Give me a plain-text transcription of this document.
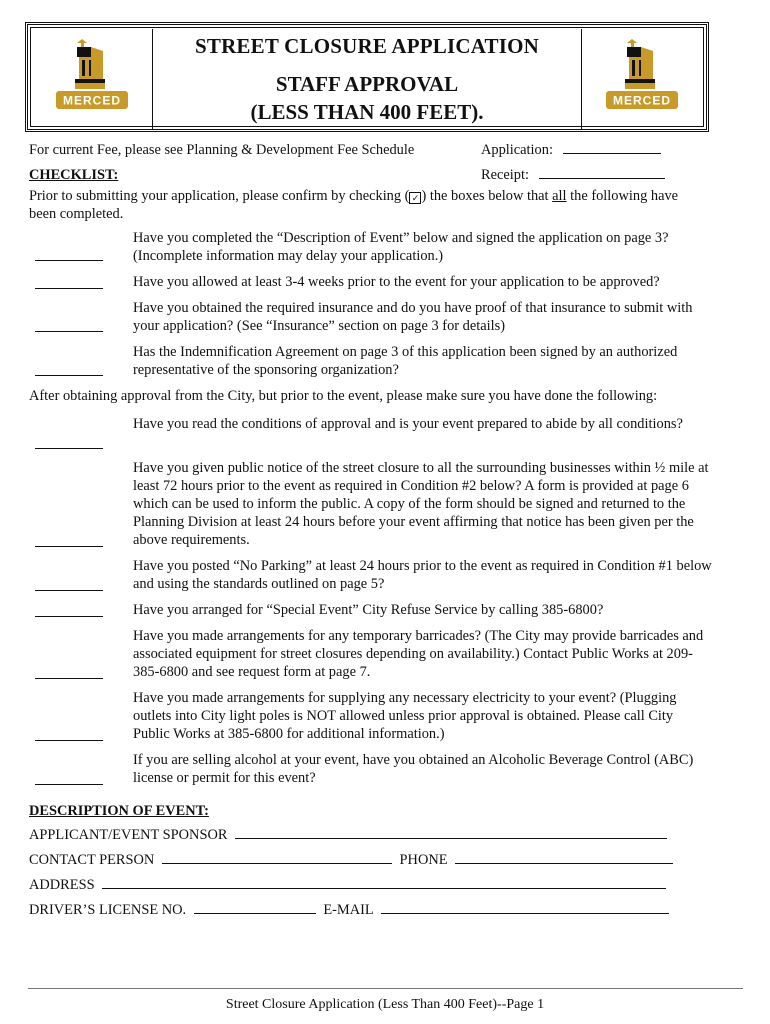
MERCED
STREET CLOSURE APPLICATION
STAFF APPROVAL
(LESS THAN 400 FEET).	MERCED
For current Fee, please see Planning & Development Fee Schedule	Application:
CHECKLIST:	Receipt:
Prior to submitting your application, please confirm by checking ( ✓ ) the boxes below that all the following have
been completed.
Have you completed the “Description of Event” below and signed the application on page 3? (Incomplete information may delay your application.)
Have you allowed at least 3-4 weeks prior to the event for your application to be approved?
Have you obtained the required insurance and do you have proof of that insurance to submit with your application? (See “Insurance” section on page 3 for details)
Has the Indemnification Agreement on page 3 of this application been signed by an authorized representative of the sponsoring organization?
After obtaining approval from the City, but prior to the event, please make sure you have done the following:
Have you read the conditions of approval and is your event prepared to abide by all conditions?
Have you given public notice of the street closure to all the surrounding businesses within ½ mile at least 72 hours prior to the event as required in Condition #2 below? A form is provided at page 6 which can be used to inform the public. A copy of the form should be signed and returned to the Planning Division at least 24 hours before your event affirming that notice has been given per the above requirements.
Have you posted “No Parking” at least 24 hours prior to the event as required in Condition #1 below and using the standards outlined on page 5?
Have you arranged for “Special Event” City Refuse Service by calling 385-6800?
Have you made arrangements for any temporary barricades? (The City may provide barricades and associated equipment for street closures depending on availability.) Contact Public Works at 209-385-6800 and see request form at page 7.
Have you made arrangements for supplying any necessary electricity to your event? (Plugging outlets into City light poles is NOT allowed unless prior approval is obtained. Please call City Public Works at 385-6800 for additional information.)
If you are selling alcohol at your event, have you obtained an Alcoholic Beverage Control (ABC) license or permit for this event?
DESCRIPTION OF EVENT:
APPLICANT/EVENT SPONSOR
CONTACT PERSON	PHONE
ADDRESS
DRIVER’S LICENSE NO.	E-MAIL
Street Closure Application (Less Than 400 Feet)--Page 1
